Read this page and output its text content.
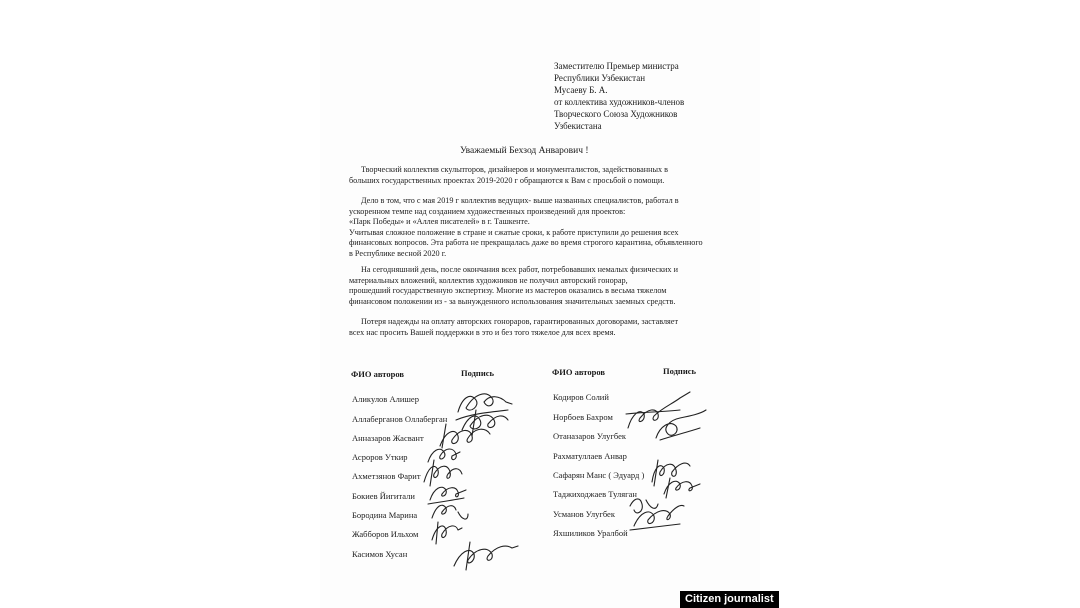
Заместителю Премьер министра
Республики Узбекистан
Мусаеву Б. А.
от коллектива художников-членов
Творческого Союза Художников
Узбекистана
Уважаемый Бехзод Анварович !
Творческий коллектив скульпторов, дизайнеров и монументалистов, задействованных в
больших государственных проектах 2019-2020 г обращаются к Вам с просьбой о помощи.
Дело в том, что с мая 2019 г коллектив ведущих- выше названных специалистов, работал в
ускоренном темпе над созданием художественных произведений для проектов:
«Парк Победы» и «Аллея писателей» в г. Ташкенте.
Учитывая сложное положение в стране и сжатые сроки, к работе приступили до решения всех
финансовых вопросов. Эта работа не прекращалась даже во время строгого карантина, объявленного
в Республике весной 2020 г.
На сегодняшний день, после окончания всех работ, потребовавших немалых физических и
материальных вложений, коллектив художников не получил авторский гонорар,
прошедший государственную экспертизу. Многие из мастеров оказались в весьма тяжелом
финансовом положении из - за вынужденного использования значительных заемных средств.
Потеря надежды на оплату авторских гонораров, гарантированных договорами, заставляет
всех нас просить Вашей поддержки в это и без того тяжелое для всех время.
ФИО авторов	Подпись	ФИО авторов	Подпись
Аликулов Алишер
Аллаберганов Оллаберган
Анназаров Жасвант
Асроров Уткир
Ахметзянов Фарит
Бокиев Йигитали
Бородина Марина
Жабборов Ильхом
Касимов Хусан
Кодиров Солий
Норбоев Бахром
Отаназаров Улугбек
Рахматуллаев Анвар
Сафарян Манс ( Эдуард )
Таджиходжаев Туляган
Усманов Улугбек
Яхшиликов Уралбой
Citizen journalist
